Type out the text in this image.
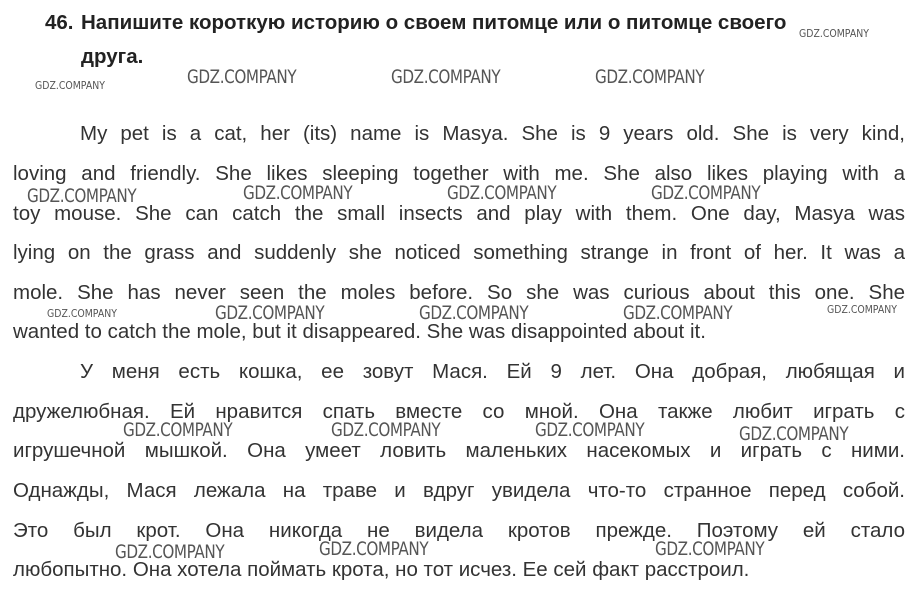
46. Напишите короткую историю о своем питомце или о питомце своего
друга.
My pet is a cat, her (its) name is Masya. She is 9 years old. She is very kind,
loving and friendly. She likes sleeping together with me. She also likes playing with a
toy mouse. She can catch the small insects and play with them. One day, Masya was
lying on the grass and suddenly she noticed something strange in front of her. It was a
mole. She has never seen the moles before. So she was curious about this one. She
wanted to catch the mole, but it disappeared. She was disappointed about it.
У меня есть кошка, ее зовут Мася. Ей 9 лет. Она добрая, любящая и
дружелюбная. Ей нравится спать вместе со мной. Она также любит играть с
игрушечной мышкой. Она умеет ловить маленьких насекомых и играть с ними.
Однажды, Мася лежала на траве и вдруг увидела что-то странное перед собой.
Это был крот. Она никогда не видела кротов прежде. Поэтому ей стало
любопытно. Она хотела поймать крота, но тот исчез. Ее сей факт расстроил.
GDZ.COMPANY
GDZ.COMPANY	GDZ.COMPANY	GDZ.COMPANY	GDZ.COMPANY
GDZ.COMPANY	GDZ.COMPANY	GDZ.COMPANY	GDZ.COMPANY
GDZ.COMPANY	GDZ.COMPANY	GDZ.COMPANY	GDZ.COMPANY	GDZ.COMPANY
GDZ.COMPANY	GDZ.COMPANY	GDZ.COMPANY	GDZ.COMPANY
GDZ.COMPANY	GDZ.COMPANY	GDZ.COMPANY
